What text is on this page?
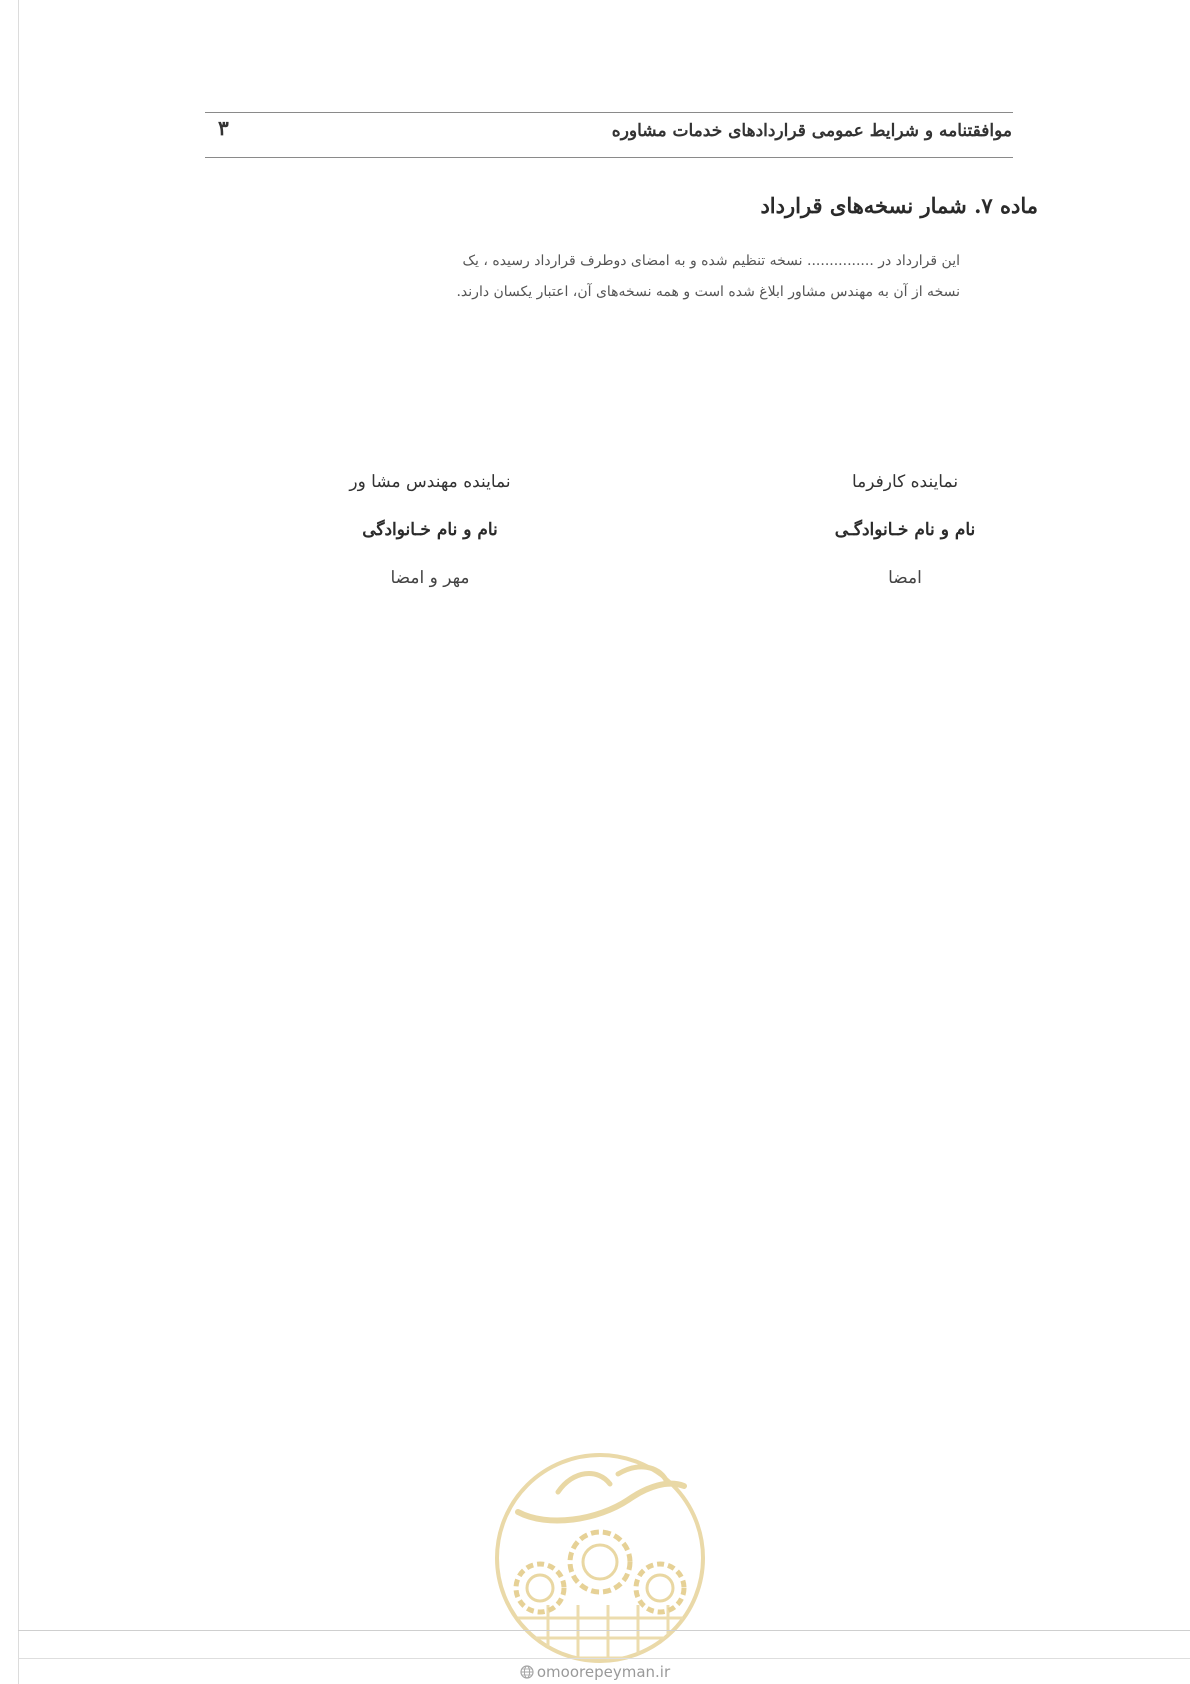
موافقتنامه و شرایط عمومی قراردادهای خدمات مشاوره
۳
ماده ۷. شمار نسخه‌های قرارداد

این قرارداد در ............... نسخه تنظیم شده و به امضای دوطرف قرارداد رسیده ، یک

نسخه از آن به مهندس مشاور ابلاغ شده است و همه نسخه‌های آن، اعتبار یکسان دارند.

نماینده کارفرما
نام و نام خـانوادگـی
امضا
نماینده مهندس مشا ور
نام و نام خـانوادگی
مهر و امضا
omoorepeyman.ir
